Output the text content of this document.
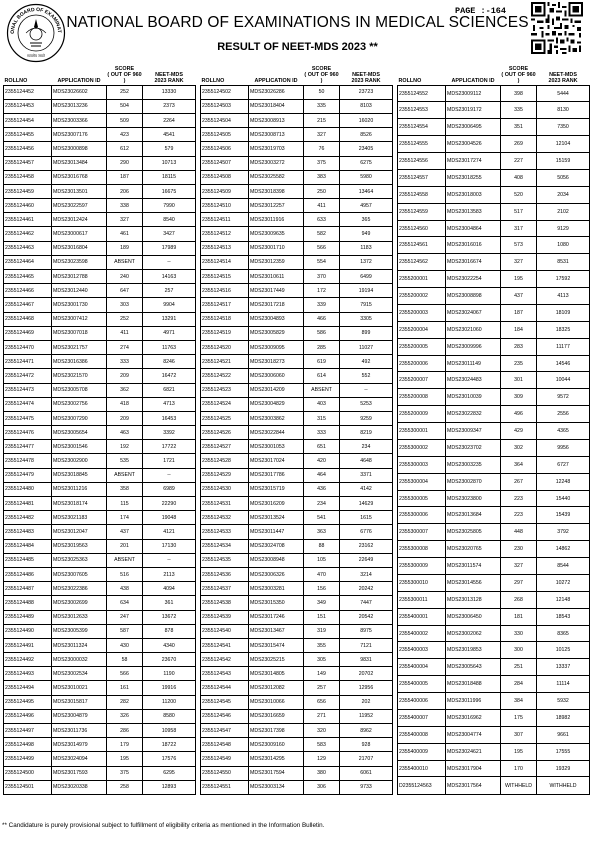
ONAL BOARD OF EXAMINAT
सत्यमेव जयते
PAGE :-164
NATIONAL BOARD OF EXAMINATIONS IN MEDICAL SCIENCES
RESULT OF NEET-MDS 2023 **
ROLLNO	APPLICATION ID	SCORE
( OUT OF 960 )	NEET-MDS
2023 RANK
2355124452	MDS23026602	252	13330
2355124453	MDS23013236	504	2373
2355124454	MDS23003366	509	2264
2355124455	MDS23007176	423	4541
2355124456	MDS23000898	612	579
2355124457	MDS23013484	290	10713
2355124458	MDS23016768	187	18115
2355124459	MDS23013501	206	16675
2355124460	MDS23022597	338	7990
2355124461	MDS23012424	327	8540
2355124462	MDS23000617	461	3427
2355124463	MDS23016804	189	17989
2355124464	MDS23023598	ABSENT	--
2355124465	MDS23012788	240	14163
2355124466	MDS23012440	647	257
2355124467	MDS23001730	303	9904
2355124468	MDS23007412	252	13291
2355124469	MDS23007018	411	4971
2355124470	MDS23021757	274	11763
2355124471	MDS23016386	333	8246
2355124472	MDS23021570	209	16472
2355124473	MDS23005708	362	6821
2355124474	MDS23002756	418	4713
2355124475	MDS23007290	209	16453
2355124476	MDS23005654	463	3392
2355124477	MDS23001546	192	17722
2355124478	MDS23002900	535	1721
2355124479	MDS23018845	ABSENT	--
2355124480	MDS23011216	358	6989
2355124481	MDS23018174	115	22290
2355124482	MDS23021183	174	19048
2355124483	MDS23012047	437	4121
2355124484	MDS23019563	201	17130
2355124485	MDS23025363	ABSENT	--
2355124486	MDS23007605	516	2113
2355124487	MDS23022386	438	4094
2355124488	MDS23002699	634	361
2355124489	MDS23012633	247	13672
2355124490	MDS23005399	587	878
2355124491	MDS23011324	430	4340
2355124492	MDS23000032	58	23670
2355124493	MDS23002534	566	1190
2355124494	MDS23010021	161	19916
2355124495	MDS23015817	282	11200
2355124496	MDS23004879	326	8580
2355124497	MDS23011736	286	10958
2355124498	MDS23014979	179	18722
2355124499	MDS23024094	195	17576
2355124500	MDS23017593	375	6295
2355124501	MDS23020338	258	12893
ROLLNO	APPLICATION ID	SCORE
( OUT OF 960 )	NEET-MDS
2023 RANK
2355124502	MDS23026286	50	23723
2355124503	MDS23018404	335	8103
2355124504	MDS23008913	215	16020
2355124505	MDS23008713	327	8526
2355124506	MDS23019703	76	23405
2355124507	MDS23003272	375	6275
2355124508	MDS23025582	383	5980
2355124509	MDS23018398	250	13464
2355124510	MDS23012257	411	4957
2355124511	MDS23011916	633	365
2355124512	MDS23009635	582	949
2355124513	MDS23001710	566	1183
2355124514	MDS23012359	554	1372
2355124515	MDS23010611	370	6499
2355124516	MDS23017449	172	19194
2355124517	MDS23017218	339	7915
2355124518	MDS23004893	466	3305
2355124519	MDS23005829	586	899
2355124520	MDS23009095	285	11027
2355124521	MDS23018273	619	492
2355124522	MDS23006060	614	552
2355124523	MDS23014209	ABSENT	--
2355124524	MDS23004829	403	5253
2355124525	MDS23003862	315	9259
2355124526	MDS23022844	333	8219
2355124527	MDS23001053	651	234
2355124528	MDS23017024	420	4648
2355124529	MDS23017786	464	3371
2355124530	MDS23015719	436	4142
2355124531	MDS23016209	234	14629
2355124532	MDS23013524	541	1615
2355124533	MDS23011447	363	6776
2355124534	MDS23024708	88	23162
2355124535	MDS23008948	105	22649
2355124536	MDS23006326	470	3214
2355124537	MDS23003281	156	20242
2355124538	MDS23015350	349	7447
2355124539	MDS23017246	151	20542
2355124540	MDS23013467	319	8975
2355124541	MDS23015474	355	7121
2355124542	MDS23025215	305	9831
2355124543	MDS23014805	149	20702
2355124544	MDS23012082	257	12956
2355124545	MDS23010066	656	202
2355124546	MDS23016659	271	11952
2355124547	MDS23017398	320	8962
2355124548	MDS23009160	583	928
2355124549	MDS23014295	129	21707
2355124550	MDS23017594	380	6061
2355124551	MDS23003134	306	9733
ROLLNO	APPLICATION ID	SCORE
( OUT OF 960 )	NEET-MDS
2023 RANK
2355124552	MDS23009112	398	5444
2355124553	MDS23019172	335	8130
2355124554	MDS23006495	351	7350
2355124555	MDS23004526	269	12104
2355124556	MDS23017274	227	15159
2355124557	MDS23018255	408	5056
2355124558	MDS23018003	520	2034
2355124559	MDS23013583	517	2102
2355124560	MDS23004864	317	9129
2355124561	MDS23016016	573	1080
2355124562	MDS23016674	327	8531
2355200001	MDS23022254	195	17592
2355200002	MDS23008898	437	4113
2355200003	MDS23024067	187	18109
2355200004	MDS23021060	184	18325
2355200005	MDS23009996	283	11177
2355200006	MDS23011149	235	14546
2355200007	MDS23024483	301	10044
2355200008	MDS23010039	309	9572
2355200009	MDS23022832	496	2556
2355300001	MDS23009347	429	4365
2355300002	MDS23023702	302	9956
2355300003	MDS23003235	364	6727
2355300004	MDS23002870	267	12248
2355300005	MDS23023800	223	15440
2355300006	MDS23013684	223	15439
2355300007	MDS23025805	448	3792
2355300008	MDS23020765	230	14862
2355300009	MDS23011574	327	8544
2355300010	MDS23014556	297	10272
2355300011	MDS23013128	268	12148
2355400001	MDS23006450	181	18543
2355400002	MDS23002062	330	8365
2355400003	MDS23019853	300	10125
2355400004	MDS23005643	251	13337
2355400005	MDS23018488	284	11114
2355400006	MDS23011996	384	5932
2355400007	MDS23016962	175	18982
2355400008	MDS23004774	307	9661
2355400009	MDS23024621	195	17555
2355400010	MDS23017904	170	19329
D2355124563	MDS23017564	WITHHELD	WITHHELD
** Candidature is purely provisional subject to fulfillment of eligibility criteria as mentioned in the Information Bulletin.
